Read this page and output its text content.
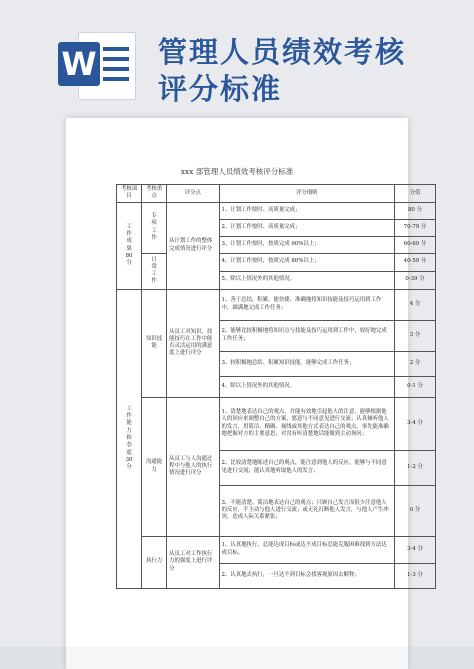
W 管理人员绩效考核
评分标准
xxx 部管理人员绩效考核评分标准
考核项目	考核重点	评分点	评分细则	分值

工作成果80分	专项工作	从计划工作的整体完成情况进行评分	1、计划工作按时、高质量完成；	80 分
			2、计划工作按时、高质量完成；	70-79 分
			3、计划工作按时，按质完成 90%以上；	60-69 分

	日常工作		4、计划工作按时，按质完成 80%以上；	40-59 分
			5、除以上情况外的其他情况。	0-39 分

工作能力和态度30分	知识技能	从员工对知识、技能技巧在工作中能否灵活运用的满意度上进行评分	1、善于总结，积累，能快捷、准确地将知识技能及技巧运用到工作中，圆满地完成工作任务；	4 分
			2、能够比较积极地将知识点与技能及技巧运用到工作中，较好地完成工作任务；	3 分
			3、较积极地总结、积累知识技能，能够完成工作任务；	2 分
			4、除以上情况外的其他情况。	0-1 分
	沟通能力	从员工与人沟通过程中与他人的执行情况进行评分	1、清楚地表达自己的观点，并能有效地引起他人的注意，能够根据他人的回应来调整自己的方案，愿意与不同意见进行交流；认真倾听他人的发言，用简洁、精确、视线或其他方式表达自己的观点，事先能准确地把握对方的主要意思，对没有听清楚地话能做到主动询问；	3-4 分
			2、比较清楚地陈述自己的观点，能注意到他人的反应，能够与不同意见进行交流；能认真地听取他人的发言；	1-2 分
			3、不能清楚、简洁地表达自己的观点；只顾自己发言而很少注意他人的反应，不主动与他人进行交流；或无礼打断他人发言，与他人产生冲突，造成人际关系紧张；	0 分
	执行力	从员工对工作执行力的强度上进行评分	1、认真地执行，总能达成目标或达不成目标总能克服困难找到方法达成目标。	3-4 分
			2、认真地去执行，一旦达不到目标会找客观原因去解释；	1-3 分
